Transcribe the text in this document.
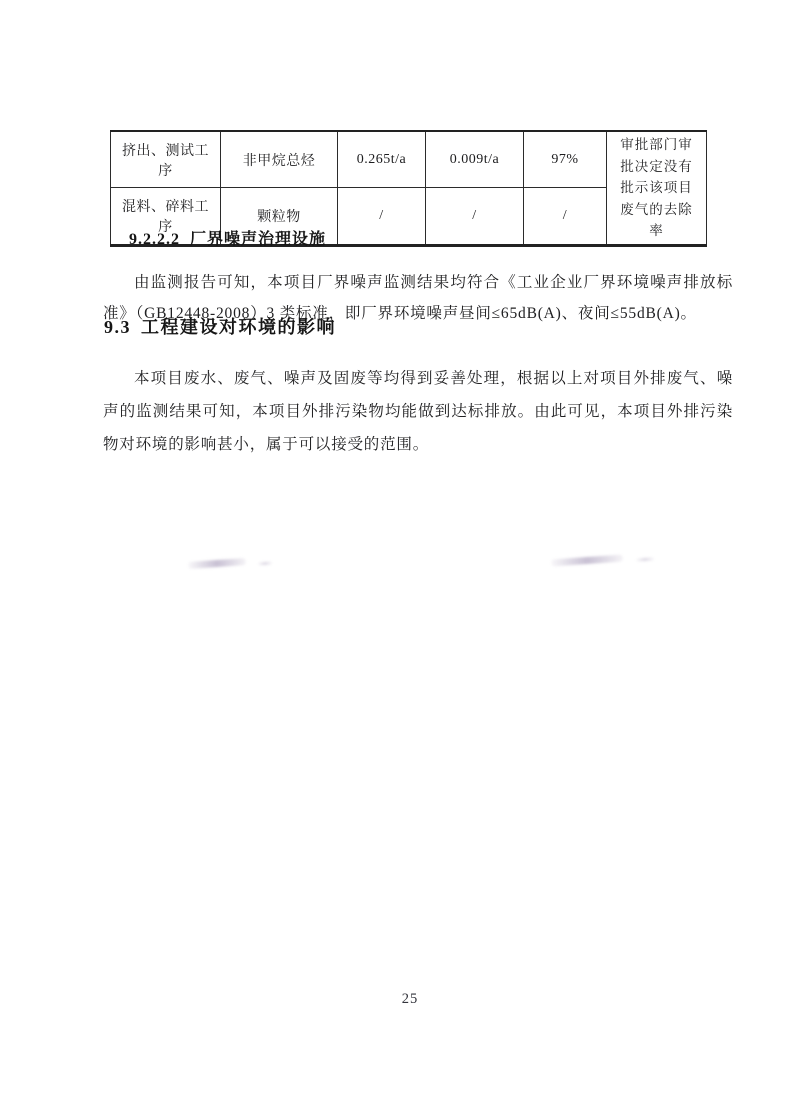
挤出、测试工序	非甲烷总烃	0.265t/a	0.009t/a	97%	审批部门审批决定没有批示该项目废气的去除率
混料、碎料工序	颗粒物	/	/	/	
9.2.2.2 厂界噪声治理设施

由监测报告可知，本项目厂界噪声监测结果均符合《工业企业厂界环境噪声排放标准》（GB12448-2008）3 类标准，即厂界环境噪声昼间≤65dB(A)、夜间≤55dB(A)。

9.3 工程建设对环境的影响

本项目废水、废气、噪声及固废等均得到妥善处理，根据以上对项目外排废气、噪声的监测结果可知，本项目外排污染物均能做到达标排放。由此可见，本项目外排污染物对环境的影响甚小，属于可以接受的范围。

25
